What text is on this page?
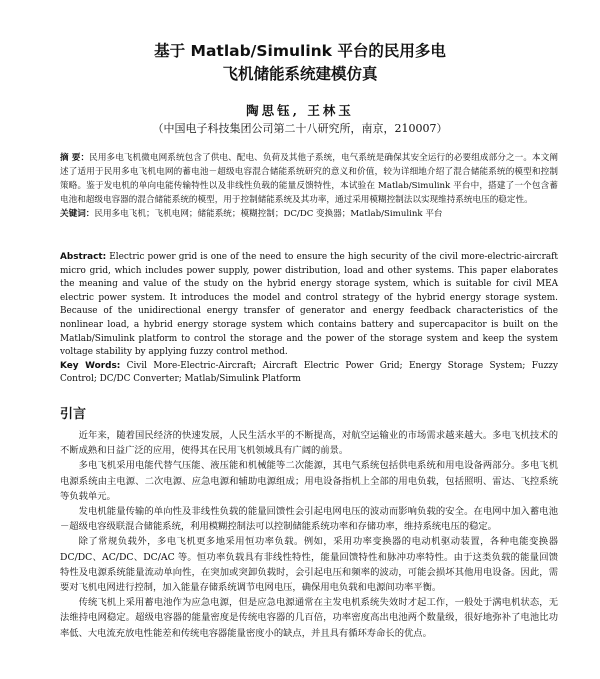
基于 Matlab/Simulink 平台的民用多电
飞机储能系统建模仿真
陶思钰, 王林玉
（中国电子科技集团公司第二十八研究所，南京，210007）
摘 要：民用多电飞机微电网系统包含了供电、配电、负荷及其他子系统，电气系统是确保其安全运行的必要组成部分之一。本文阐述了适用于民用多电飞机电网的蓄电池－超级电容混合储能系统研究的意义和价值，较为详细地介绍了混合储能系统的模型和控制策略。鉴于发电机的单向电能传输特性以及非线性负载的能量反馈特性，本试验在 Matlab/Simulink 平台中，搭建了一个包含蓄电池和超级电容器的混合储能系统的模型，用于控制储能系统及其功率，通过采用模糊控制法以实现维持系统电压的稳定性。
关键词：民用多电飞机；飞机电网；储能系统；模糊控制；DC/DC 变换器；Matlab/Simulink 平台
Abstract: Electric power grid is one of the need to ensure the high security of the civil more-electric-aircraft micro grid, which includes power supply, power distribution, load and other systems. This paper elaborates the meaning and value of the study on the hybrid energy storage system, which is suitable for civil MEA electric power system. It introduces the model and control strategy of the hybrid energy storage system. Because of the unidirectional energy transfer of generator and energy feedback characteristics of the nonlinear load, a hybrid energy storage system which contains battery and supercapacitor is built on the Matlab/Simulink platform to control the storage and the power of the storage system and keep the system voltage stability by applying fuzzy control method.
Key Words: Civil More-Electric-Aircraft; Aircraft Electric Power Grid; Energy Storage System; Fuzzy Control; DC/DC Converter; Matlab/Simulink Platform
引言

近年来，随着国民经济的快速发展，人民生活水平的不断提高，对航空运输业的市场需求越来越大。多电飞机技术的不断成熟和日益广泛的应用，使得其在民用飞机领域具有广阔的前景。

多电飞机采用电能代替气压能、液压能和机械能等二次能源，其电气系统包括供电系统和用电设备两部分。多电飞机电源系统由主电源、二次电源、应急电源和辅助电源组成；用电设备指机上全部的用电负载，包括照明、雷达、飞控系统等负载单元。

发电机能量传输的单向性及非线性负载的能量回馈性会引起电网电压的波动而影响负载的安全。在电网中加入蓄电池－超级电容级联混合储能系统，利用模糊控制法可以控制储能系统功率和存储功率，维持系统电压的稳定。

除了常规负载外，多电飞机更多地采用恒功率负载。例如，采用功率变换器的电动机驱动装置，各种电能变换器 DC/DC、AC/DC、DC/AC 等。恒功率负载具有非线性特性，能量回馈特性和脉冲功率特性。由于这类负载的能量回馈特性及电源系统能量流动单向性，在突加或突卸负载时，会引起电压和频率的波动，可能会损坏其他用电设备。因此，需要对飞机电网进行控制，加入能量存储系统调节电网电压，确保用电负载和电源间功率平衡。

传统飞机上采用蓄电池作为应急电源，但是应急电源通常在主发电机系统失效时才起工作，一般处于满电机状态，无法维持电网稳定。超级电容器的能量密度是传统电容器的几百倍，功率密度高出电池两个数量级，很好地弥补了电池比功率低、大电流充放电性能差和传统电容器能量密度小的缺点，并且具有循环寿命长的优点。
